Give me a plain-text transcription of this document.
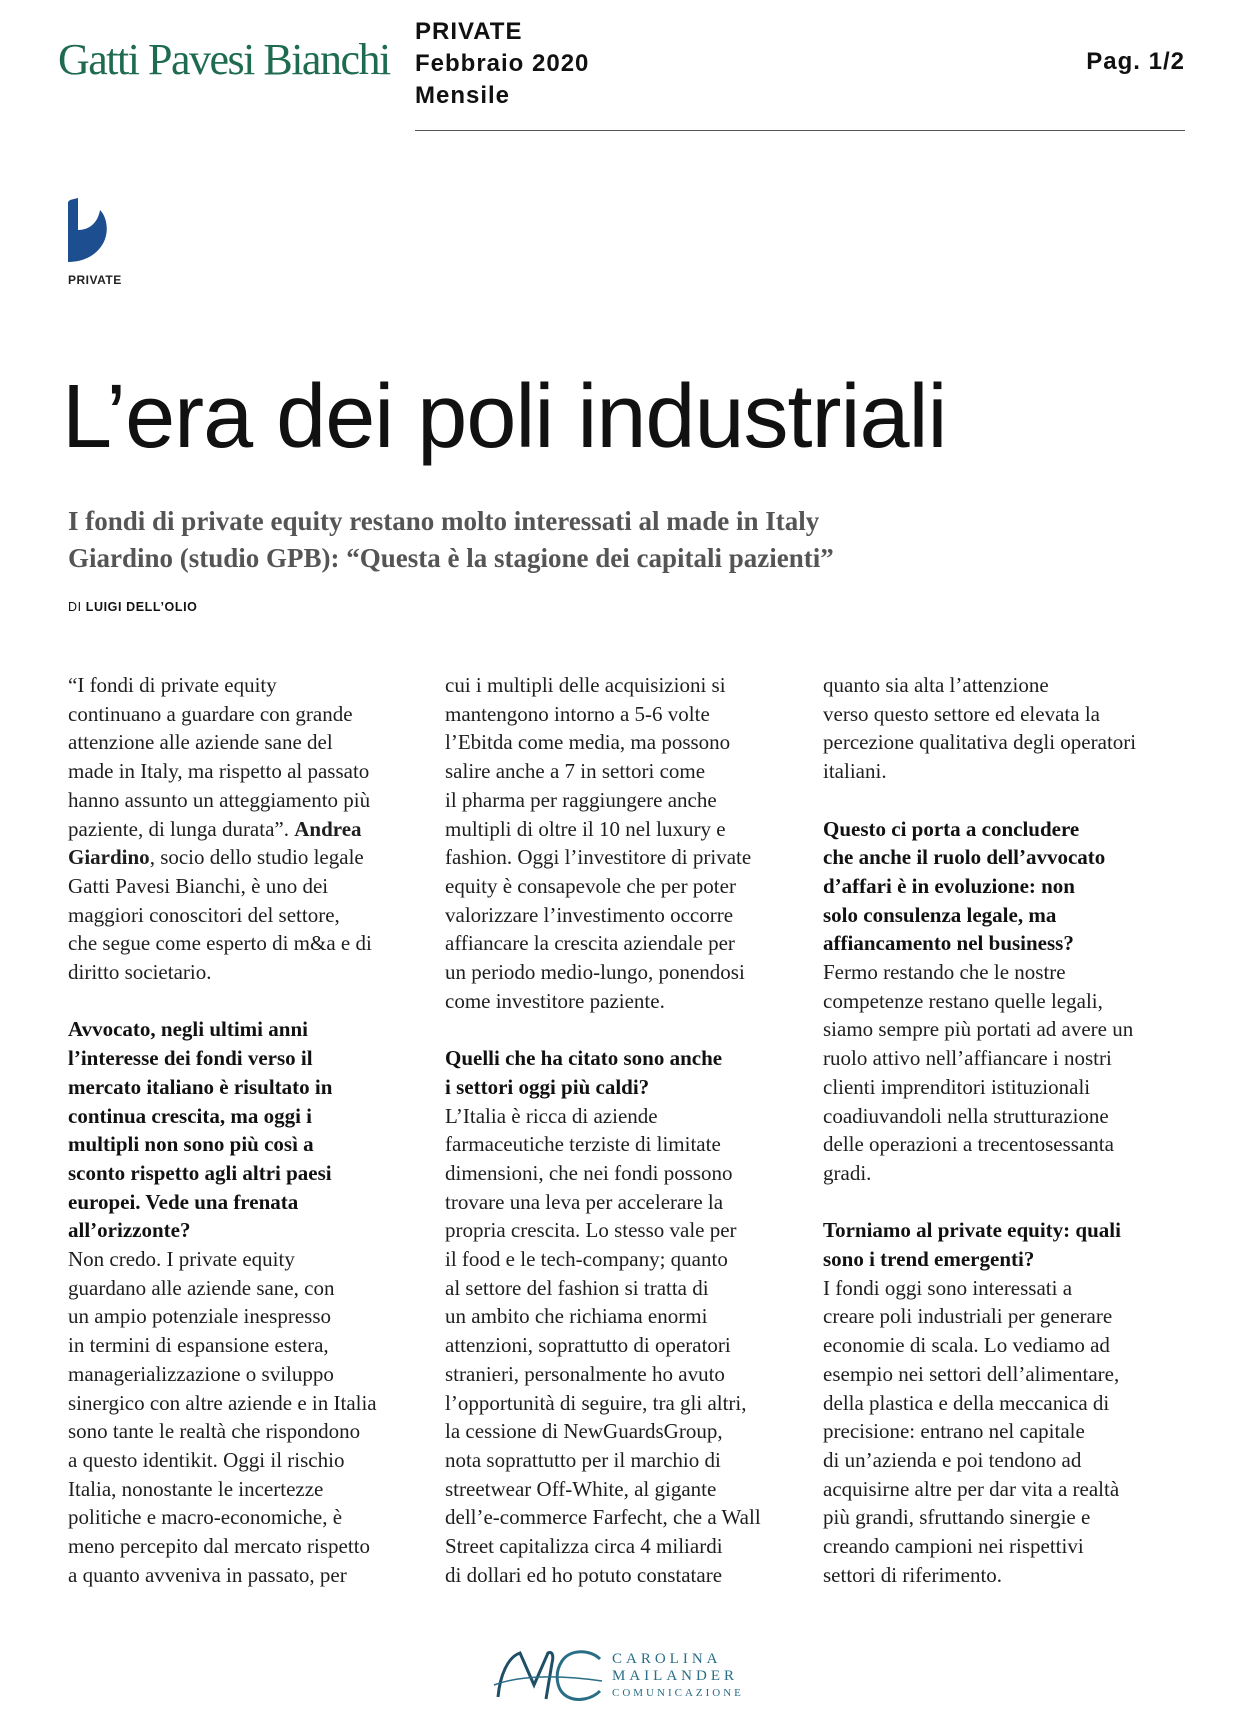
Gatti Pavesi Bianchi
PRIVATE
Febbraio 2020
Mensile
Pag. 1/2
PRIVATE
L’era dei poli industriali
I fondi di private equity restano molto interessati al made in Italy
Giardino (studio GPB): “Questa è la stagione dei capitali pazienti”
DI LUIGI DELL’OLIO

“I fondi di private equity
continuano a guardare con grande
attenzione alle aziende sane del
made in Italy, ma rispetto al passato
hanno assunto un atteggiamento più
paziente, di lunga durata”. Andrea
Giardino, socio dello studio legale
Gatti Pavesi Bianchi, è uno dei
maggiori conoscitori del settore,
che segue come esperto di m&a e di
diritto societario.

Avvocato, negli ultimi anni
l’interesse dei fondi verso il
mercato italiano è risultato in
continua crescita, ma oggi i
multipli non sono più così a
sconto rispetto agli altri paesi
europei. Vede una frenata
all’orizzonte?

Non credo. I private equity
guardano alle aziende sane, con
un ampio potenziale inespresso
in termini di espansione estera,
managerializzazione o sviluppo
sinergico con altre aziende e in Italia
sono tante le realtà che rispondono
a questo identikit. Oggi il rischio
Italia, nonostante le incertezze
politiche e macro-economiche, è
meno percepito dal mercato rispetto
a quanto avveniva in passato, per

cui i multipli delle acquisizioni si
mantengono intorno a 5-6 volte
l’Ebitda come media, ma possono
salire anche a 7 in settori come
il pharma per raggiungere anche
multipli di oltre il 10 nel luxury e
fashion. Oggi l’investitore di private
equity è consapevole che per poter
valorizzare l’investimento occorre
affiancare la crescita aziendale per
un periodo medio-lungo, ponendosi
come investitore paziente.

Quelli che ha citato sono anche
i settori oggi più caldi?

L’Italia è ricca di aziende
farmaceutiche terziste di limitate
dimensioni, che nei fondi possono
trovare una leva per accelerare la
propria crescita. Lo stesso vale per
il food e le tech-company; quanto
al settore del fashion si tratta di
un ambito che richiama enormi
attenzioni, soprattutto di operatori
stranieri, personalmente ho avuto
l’opportunità di seguire, tra gli altri,
la cessione di NewGuardsGroup,
nota soprattutto per il marchio di
streetwear Off-White, al gigante
dell’e-commerce Farfecht, che a Wall
Street capitalizza circa 4 miliardi
di dollari ed ho potuto constatare

quanto sia alta l’attenzione
verso questo settore ed elevata la
percezione qualitativa degli operatori
italiani.

Questo ci porta a concludere
che anche il ruolo dell’avvocato
d’affari è in evoluzione: non
solo consulenza legale, ma
affiancamento nel business?

Fermo restando che le nostre
competenze restano quelle legali,
siamo sempre più portati ad avere un
ruolo attivo nell’affiancare i nostri
clienti imprenditori istituzionali
coadiuvandoli nella strutturazione
delle operazioni a trecentosessanta
gradi.

Torniamo al private equity: quali
sono i trend emergenti?

I fondi oggi sono interessati a
creare poli industriali per generare
economie di scala. Lo vediamo ad
esempio nei settori dell’alimentare,
della plastica e della meccanica di
precisione: entrano nel capitale
di un’azienda e poi tendono ad
acquisirne altre per dar vita a realtà
più grandi, sfruttando sinergie e
creando campioni nei rispettivi
settori di riferimento.

CAROLINA
MAILANDER
COMUNICAZIONE
